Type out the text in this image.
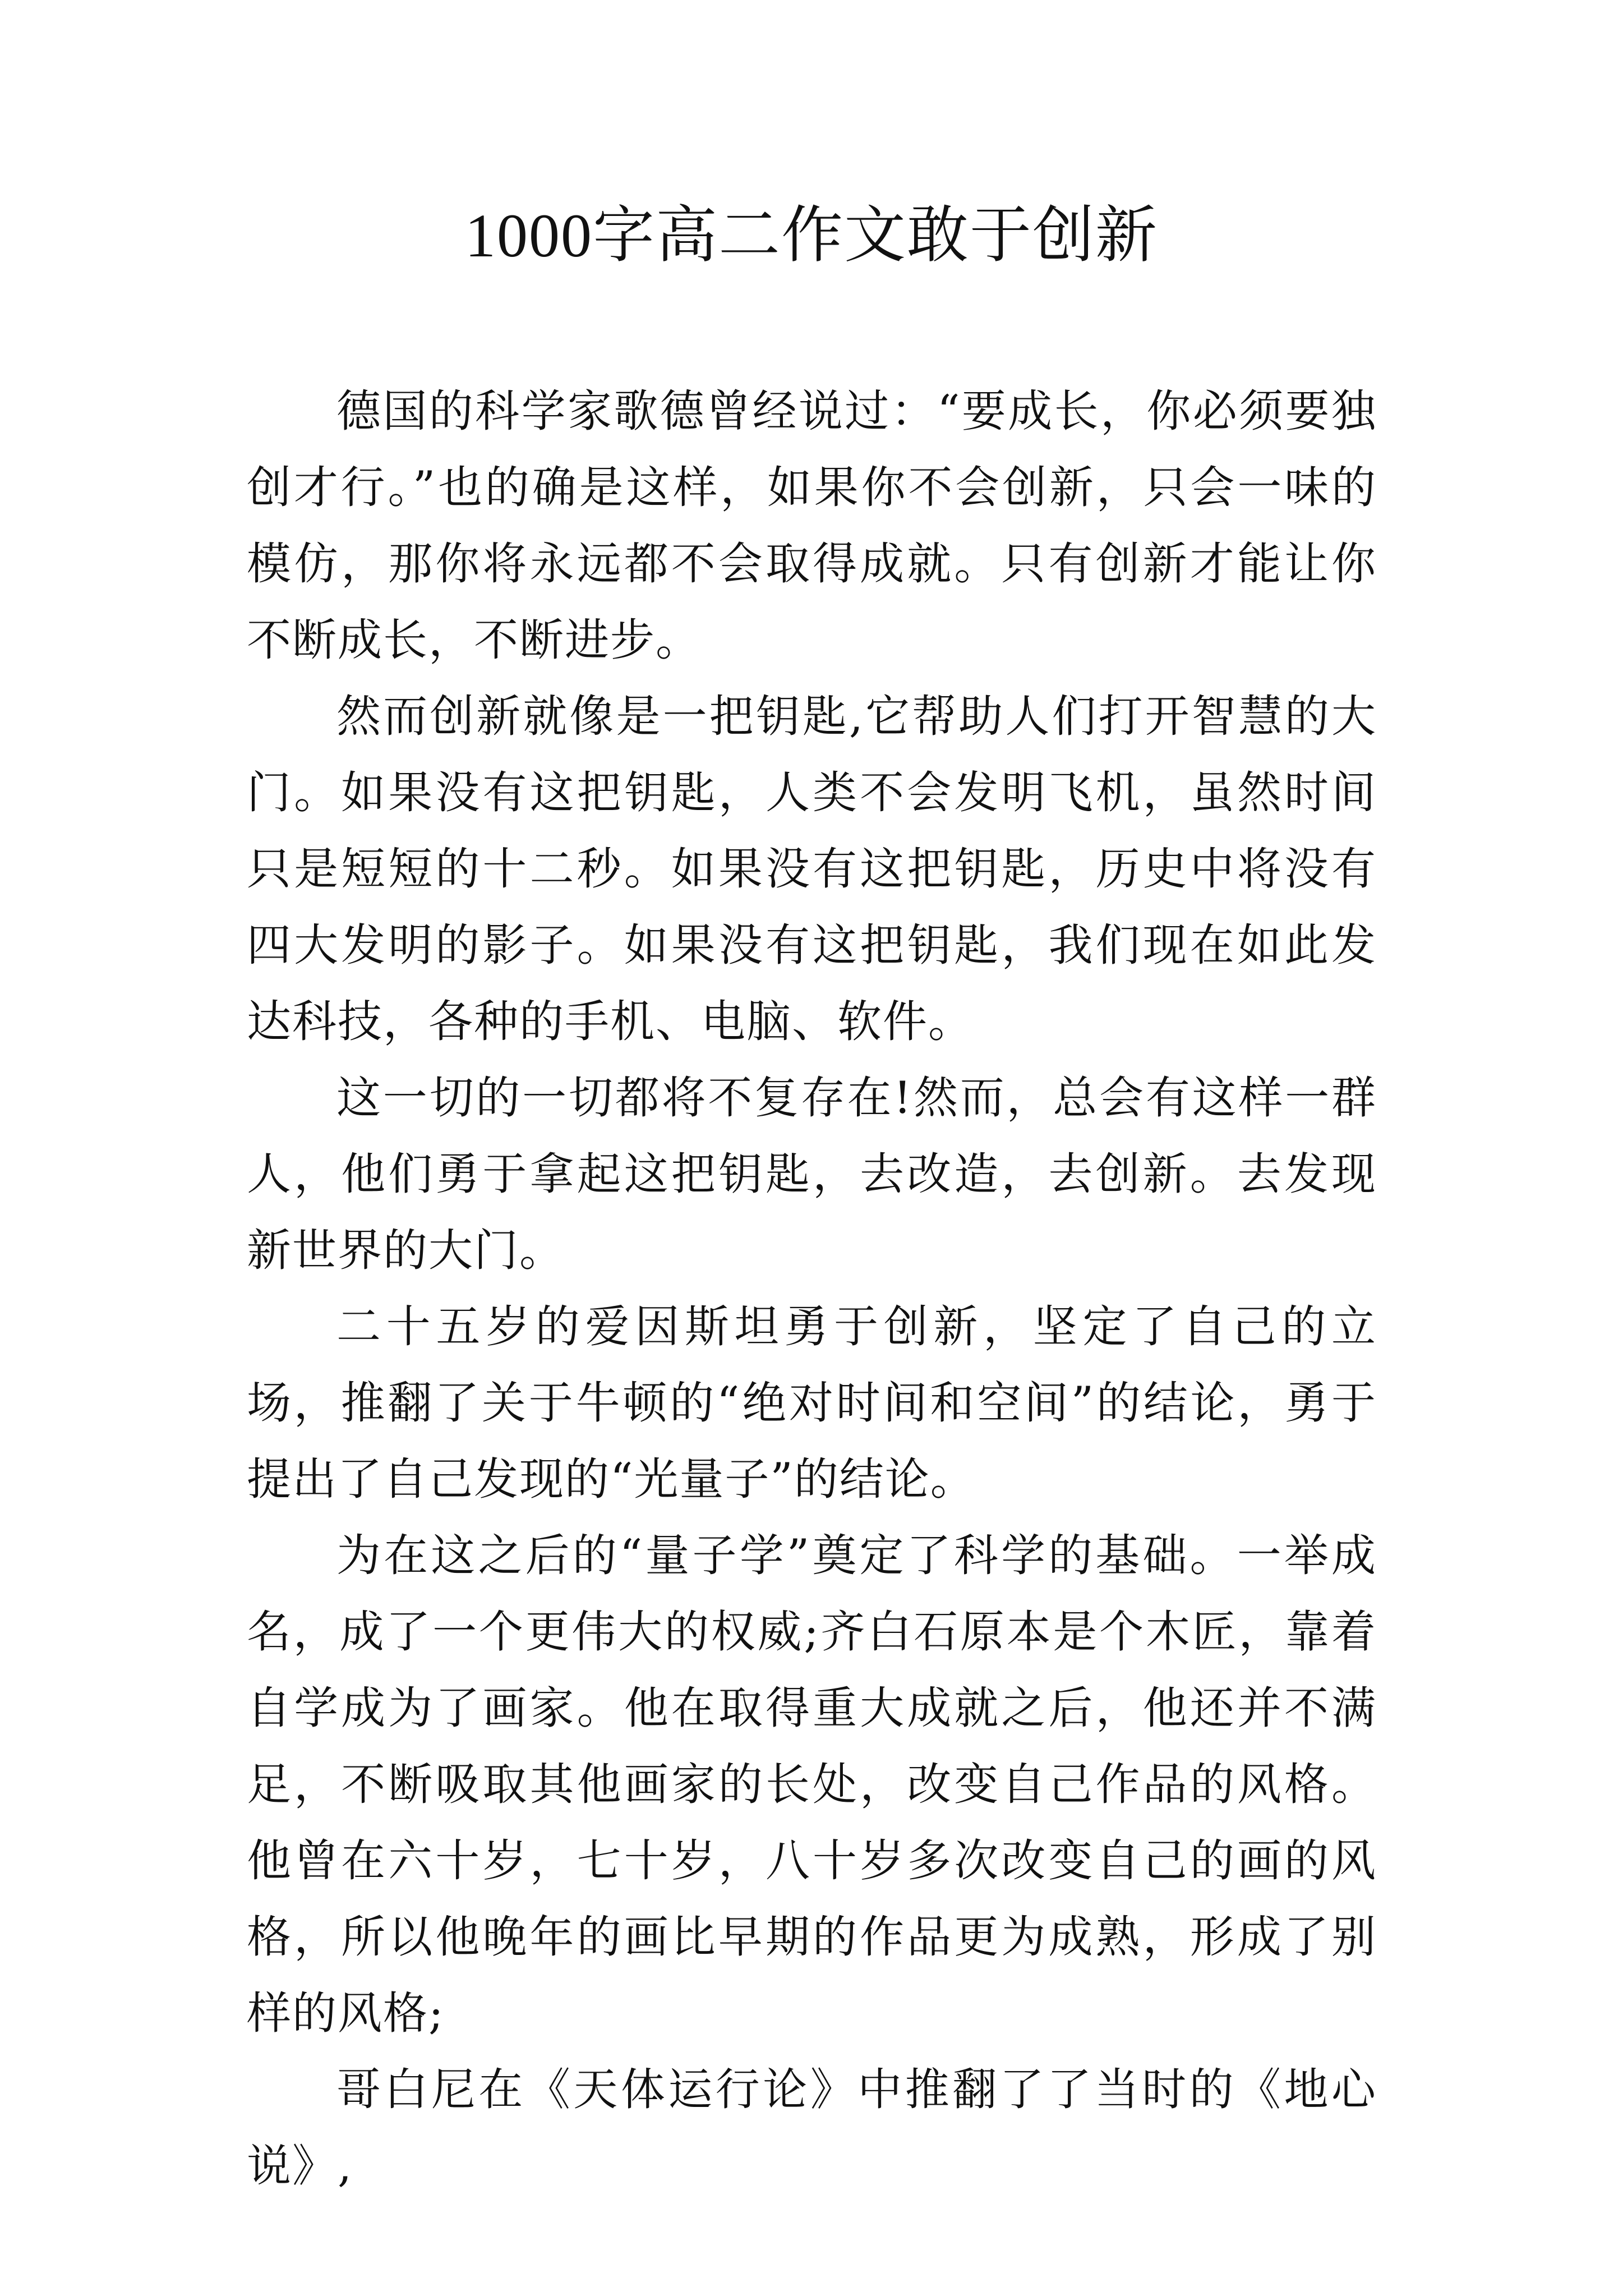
1000字高二作文敢于创新

德国的科学家歌德曾经说过：“要成长，你必须要独创才行。”也的确是这样，如果你不会创新，只会一味的模仿，那你将永远都不会取得成就。只有创新才能让你不断成长，不断进步。

然而创新就像是一把钥匙,它帮助人们打开智慧的大门。如果没有这把钥匙，人类不会发明飞机，虽然时间只是短短的十二秒。如果没有这把钥匙，历史中将没有四大发明的影子。如果没有这把钥匙，我们现在如此发达科技，各种的手机、电脑、软件。

这一切的一切都将不复存在!然而，总会有这样一群人，他们勇于拿起这把钥匙，去改造，去创新。去发现新世界的大门。

二十五岁的爱因斯坦勇于创新，坚定了自己的立场，推翻了关于牛顿的“绝对时间和空间”的结论，勇于提出了自己发现的“光量子”的结论。

为在这之后的“量子学”奠定了科学的基础。一举成名，成了一个更伟大的权威;齐白石原本是个木匠，靠着自学成为了画家。他在取得重大成就之后，他还并不满足，不断吸取其他画家的长处，改变自己作品的风格。他曾在六十岁，七十岁，八十岁多次改变自己的画的风格，所以他晚年的画比早期的作品更为成熟，形成了别样的风格;

哥白尼在《天体运行论》中推翻了了当时的《地心说》,
